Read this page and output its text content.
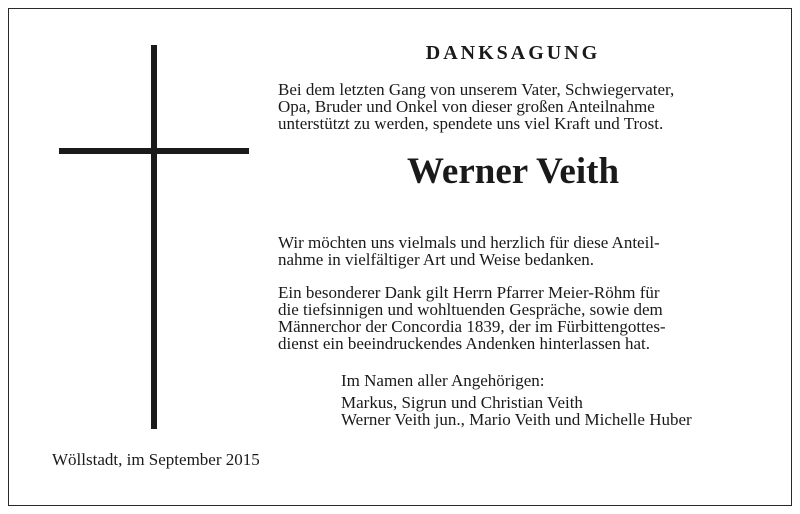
DANKSAGUNG

Bei dem letzten Gang von unserem Vater, Schwiegervater,
Opa, Bruder und Onkel von dieser großen Anteilnahme
unterstützt zu werden, spendete uns viel Kraft und Trost.

Werner Veith

Wir möchten uns vielmals und herzlich für diese Anteil-
nahme in vielfältiger Art und Weise bedanken.

Ein besonderer Dank gilt Herrn Pfarrer Meier-Röhm für
die tiefsinnigen und wohltuenden Gespräche, sowie dem
Männerchor der Concordia 1839, der im Fürbittengottes-
dienst ein beeindruckendes Andenken hinterlassen hat.

Im Namen aller Angehörigen:
Markus, Sigrun und Christian Veith
Werner Veith jun., Mario Veith und Michelle Huber

Wöllstadt, im September 2015
